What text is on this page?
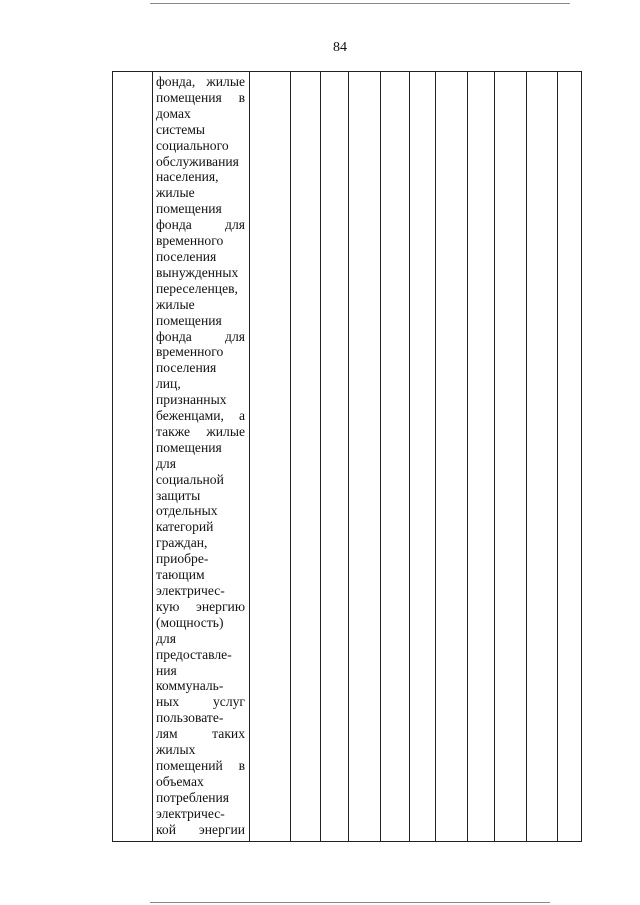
84
фонда, жилые
помещения в
домах
системы
социального
обслуживания
населения,
жилые
помещения
фонда для
временного
поселения
вынужденных
переселенцев,
жилые
помещения
фонда для
временного
поселения
лиц,
признанных
беженцами, а
также жилые
помещения
для
социальной
защиты
отдельных
категорий
граждан,
приобре-
тающим
электричес-
кую энергию
(мощность)
для
предоставле-
ния
коммуналь-
ных услуг
пользовате-
лям таких
жилых
помещений в
объемах
потребления
электричес-
кой энергии
